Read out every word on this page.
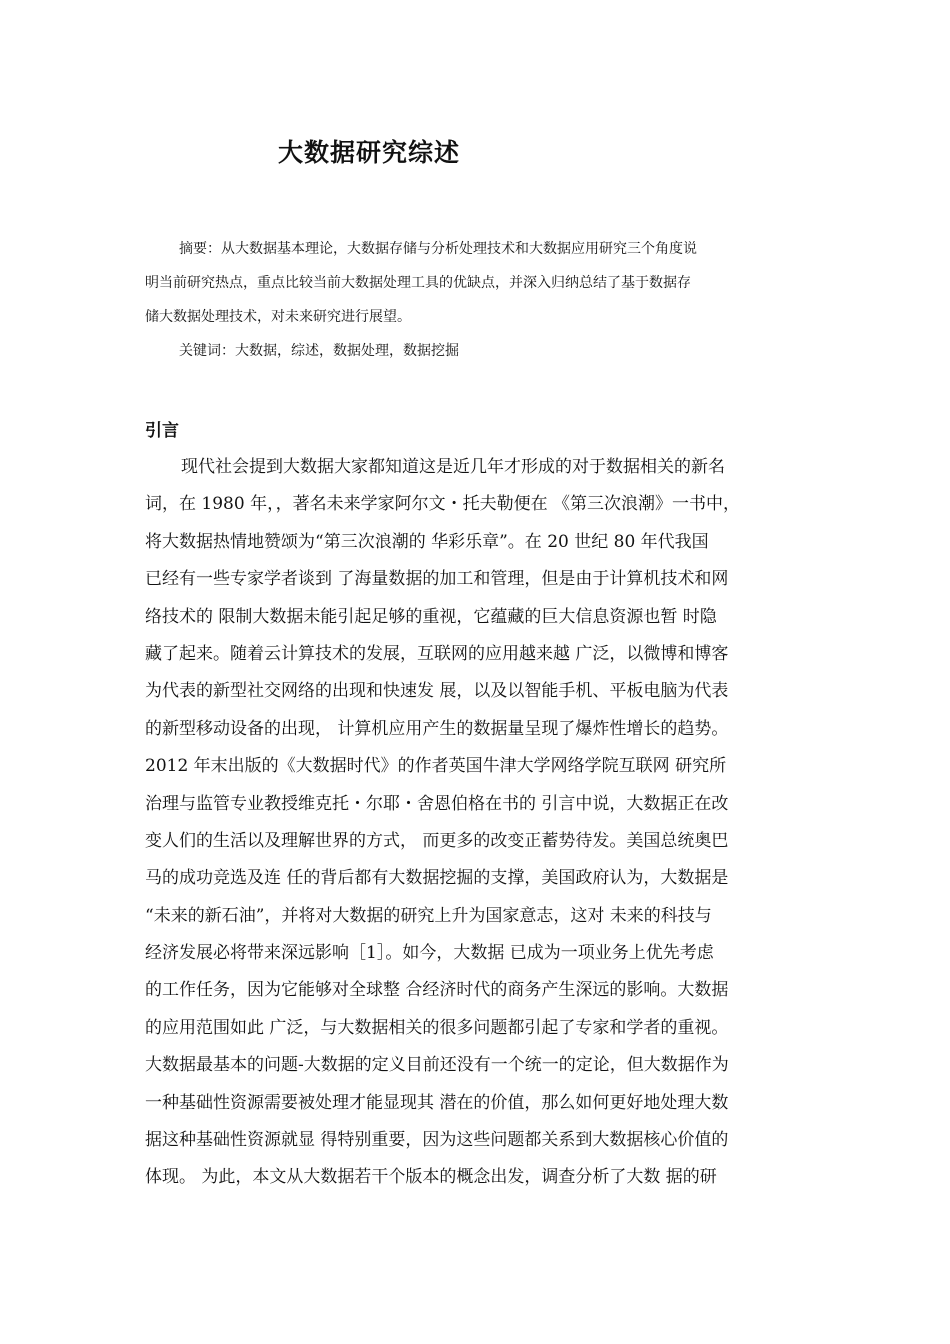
大数据研究综述
摘要：从大数据基本理论，大数据存储与分析处理技术和大数据应用研究三个角度说
明当前研究热点，重点比较当前大数据处理工具的优缺点，并深入归纳总结了基于数据存
储大数据处理技术，对未来研究进行展望。
关键词：大数据，综述，数据处理，数据挖掘
引言
现代社会提到大数据大家都知道这是近几年才形成的对于数据相关的新名
词，在 1980 年，，著名未来学家阿尔文・托夫勒便在 《第三次浪潮》一书中，
将大数据热情地赞颂为“第三次浪潮的 华彩乐章”。在 20 世纪 80 年代我国
已经有一些专家学者谈到 了海量数据的加工和管理，但是由于计算机技术和网
络技术的 限制大数据未能引起足够的重视，它蕴藏的巨大信息资源也暂 时隐
藏了起来。随着云计算技术的发展，互联网的应用越来越 广泛，以微博和博客
为代表的新型社交网络的出现和快速发 展，以及以智能手机、平板电脑为代表
的新型移动设备的出现， 计算机应用产生的数据量呈现了爆炸性增长的趋势。
2012 年末出版的《大数据时代》的作者英国牛津大学网络学院互联网 研究所
治理与监管专业教授维克托・尔耶・舍恩伯格在书的 引言中说，大数据正在改
变人们的生活以及理解世界的方式， 而更多的改变正蓄势待发。美国总统奥巴
马的成功竞选及连 任的背后都有大数据挖掘的支撑，美国政府认为，大数据是
“未来的新石油”，并将对大数据的研究上升为国家意志，这对 未来的科技与
经济发展必将带来深远影响［1］。如今，大数据 已成为一项业务上优先考虑
的工作任务，因为它能够对全球整 合经济时代的商务产生深远的影响。大数据
的应用范围如此 广泛，与大数据相关的很多问题都引起了专家和学者的重视。
大数据最基本的问题-大数据的定义目前还没有一个统一的定论，但大数据作为
一种基础性资源需要被处理才能显现其 潜在的价值，那么如何更好地处理大数
据这种基础性资源就显 得特别重要，因为这些问题都关系到大数据核心价值的
体现。 为此，本文从大数据若干个版本的概念出发，调查分析了大数 据的研
